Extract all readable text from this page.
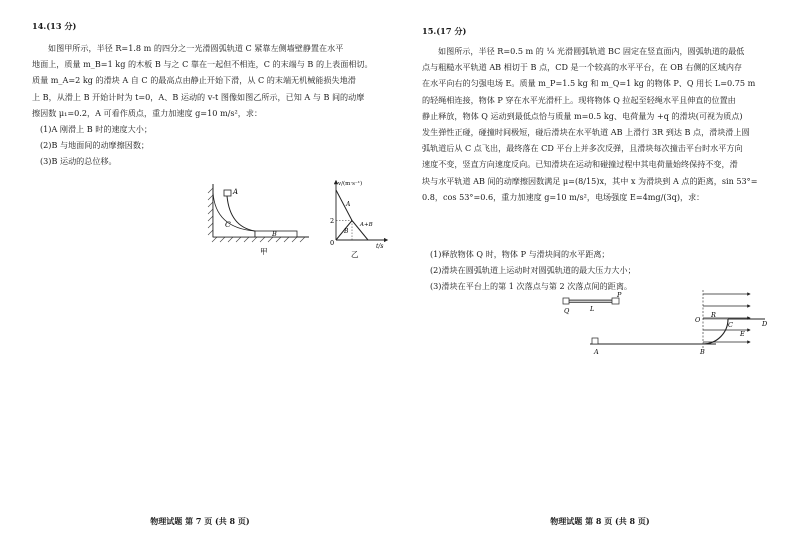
14.(13 分)
如图甲所示，半径 R=1.8 m 的四分之一光滑圆弧轨道 C 紧靠左侧墙壁静置在水平
地面上，质量 m_B=1 kg 的木板 B 与之 C 靠在一起但不相连，C 的末端与 B 的上表面相切。
质量 m_A=2 kg 的滑块 A 自 C 的最高点由静止开始下滑，从 C 的末端无机械能损失地滑
上 B，从滑上 B 开始计时为 t=0，A、B 运动的 v-t 图像如图乙所示，已知 A 与 B 间的动摩
擦因数 μ₁=0.2，A 可看作质点，重力加速度 g=10 m/s²，求：
(1)A 刚滑上 B 时的速度大小；
(2)B 与地面间的动摩擦因数；
(3)B 运动的总位移。
A
C
B
甲
v/(m·s⁻¹)
t/s
0
2
A
A+B
B
乙
物理试题 第 7 页 (共 8 页)
15.(17 分)
如图所示，半径 R=0.5 m 的 ¼ 光滑圆弧轨道 BC 固定在竖直面内，圆弧轨道的最低
点与粗糙水平轨道 AB 相切于 B 点，CD 是一个较高的水平平台，在 OB 右侧的区域内存
在水平向右的匀强电场 E。质量 m_P=1.5 kg 和 m_Q=1 kg 的物体 P、Q 用长 L=0.75 m
的轻绳相连接，物体 P 穿在水平光滑杆上。现将物体 Q 拉起至轻绳水平且伸直的位置由
静止释放，物体 Q 运动到最低点恰与质量 m=0.5 kg、电荷量为 +q 的滑块(可视为质点)
发生弹性正碰，碰撞时间极短，碰后滑块在水平轨道 AB 上滑行 3R 到达 B 点，滑块滑上圆
弧轨道后从 C 点飞出，最终落在 CD 平台上并多次反弹，且滑块每次撞击平台时水平方向
速度不变，竖直方向速度反向。已知滑块在运动和碰撞过程中其电荷量始终保持不变，滑
块与水平轨道 AB 间的动摩擦因数满足 μ=(8/15)x，其中 x 为滑块到 A 点的距离，sin 53°=
0.8，cos 53°=0.6，重力加速度 g=10 m/s²，电场强度 E=4mg/(3q)，求：
(1)释放物体 Q 时，物体 P 与滑块间的水平距离；
(2)滑块在圆弧轨道上运动时对圆弧轨道的最大压力大小；
(3)滑块在平台上的第 1 次落点与第 2 次落点间的距离。
P
Q	L
A
O
R
C	D
E
B
物理试题 第 8 页 (共 8 页)
